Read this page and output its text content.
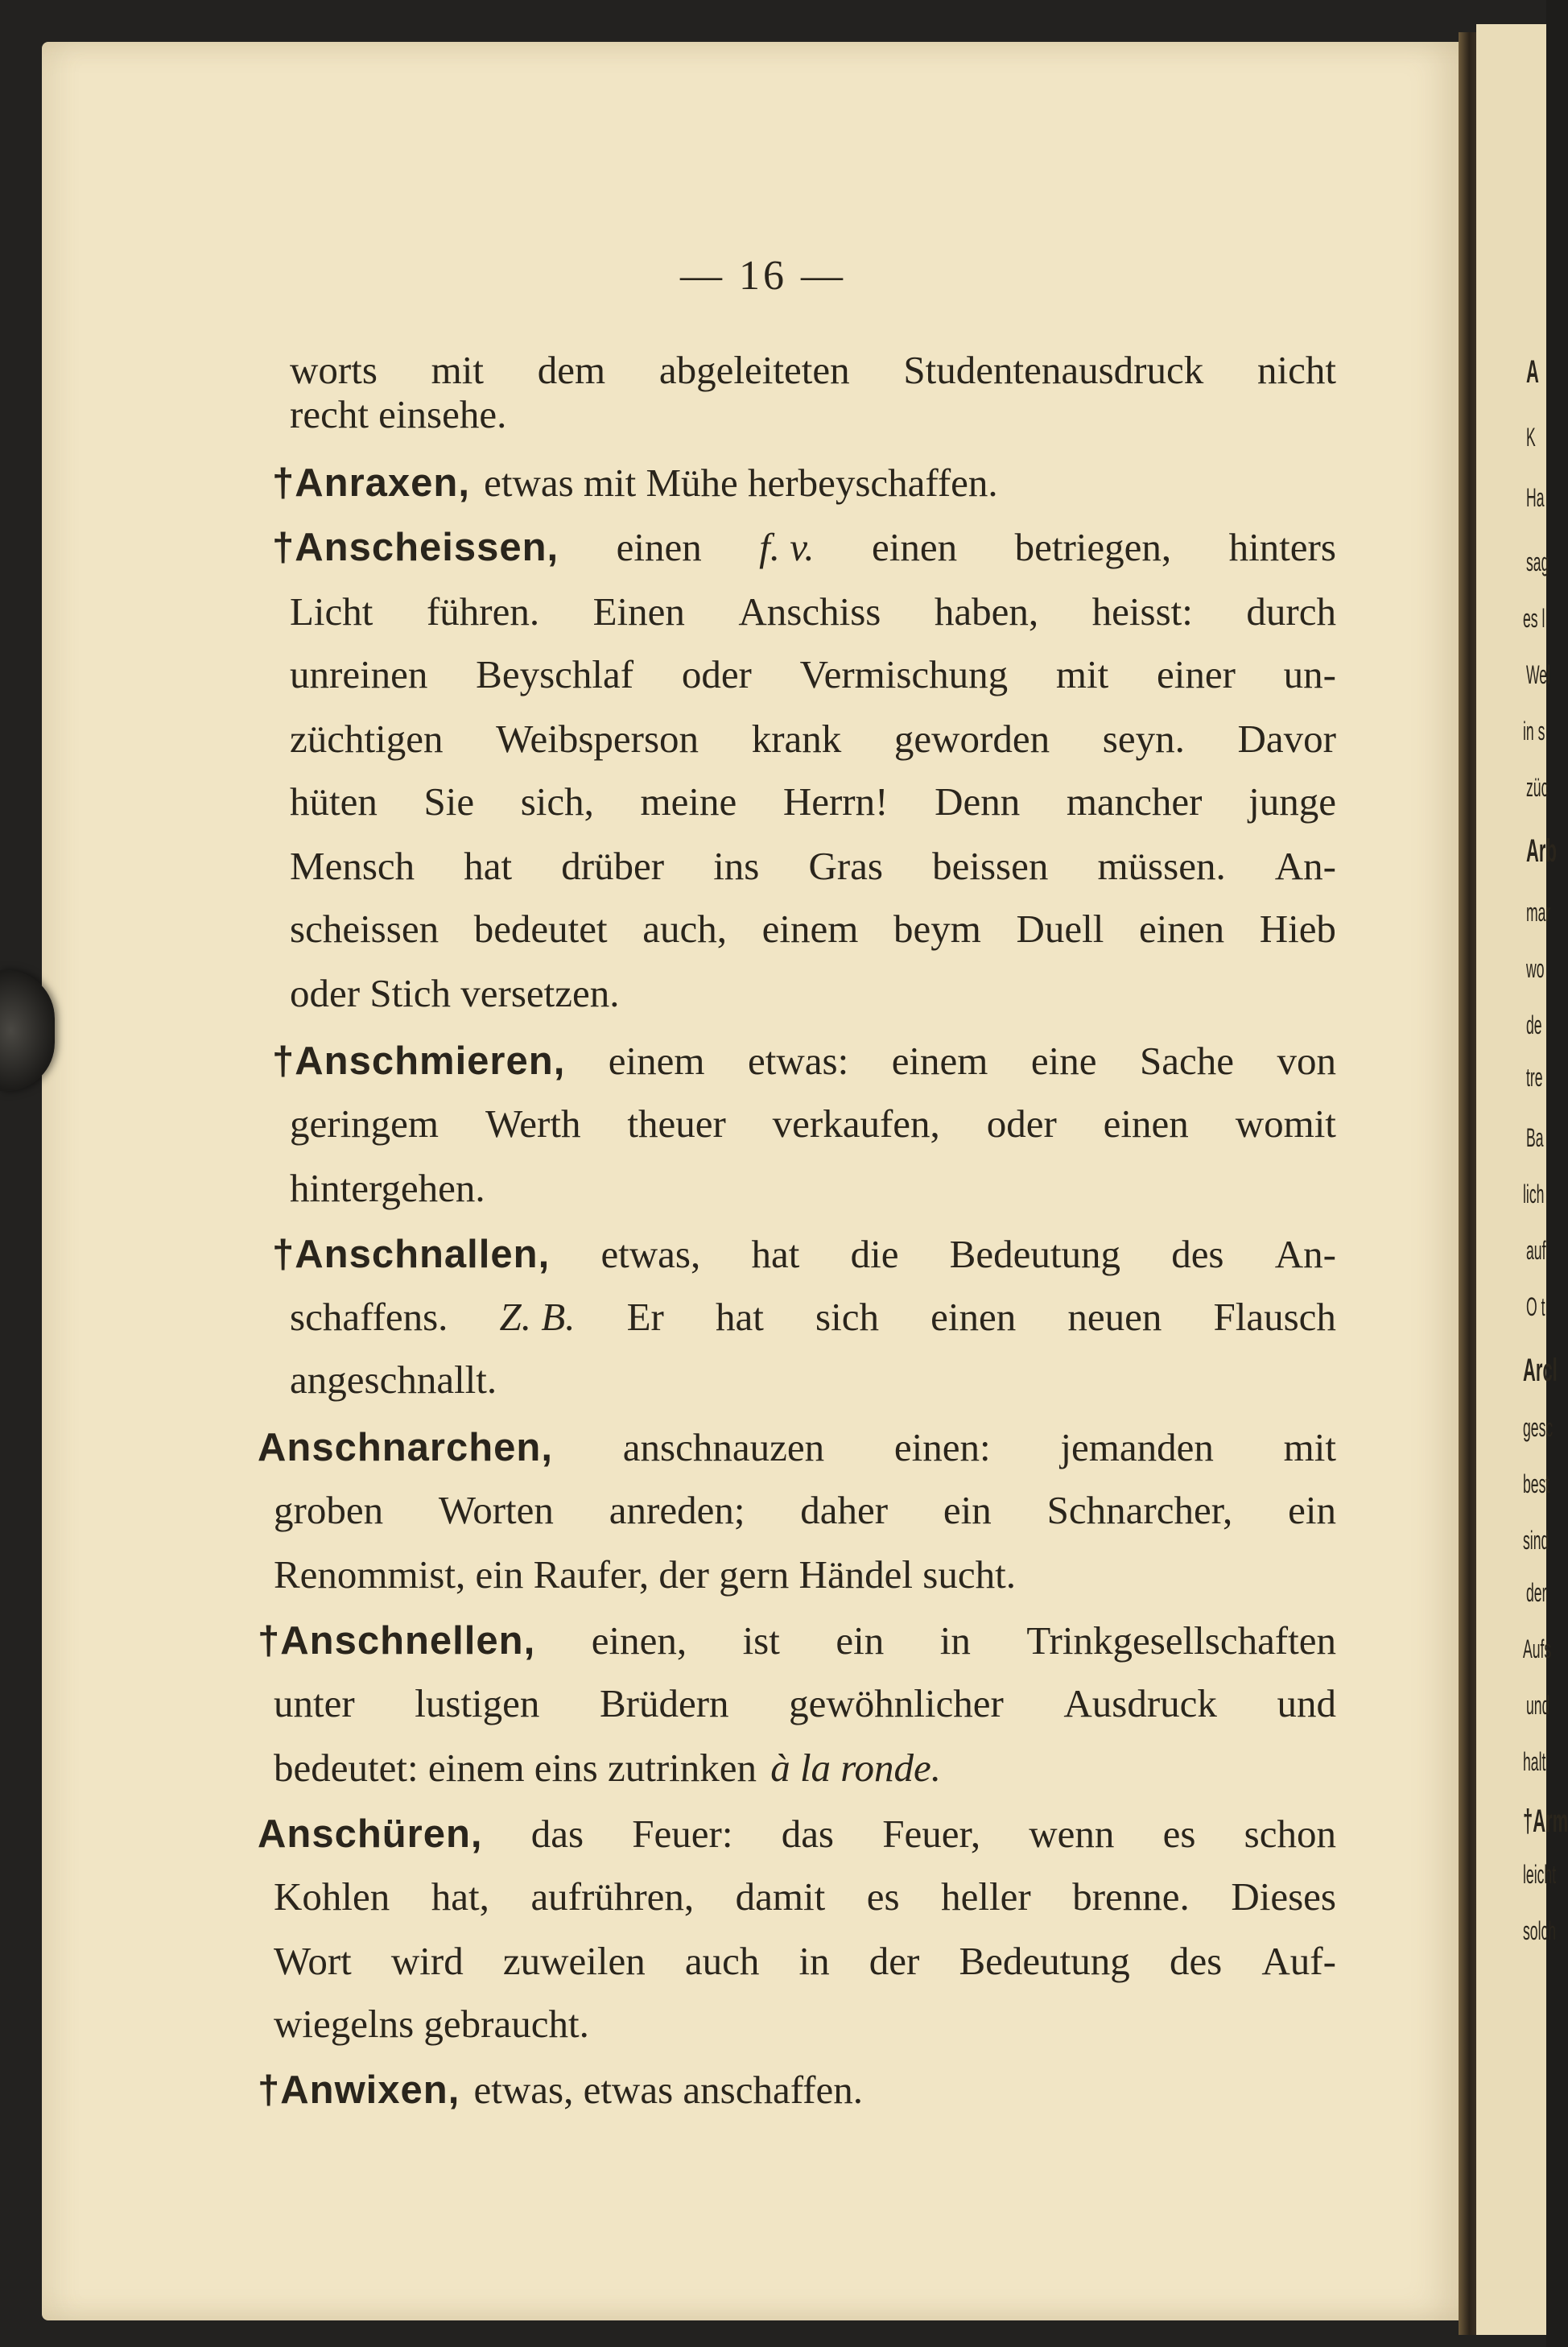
A
K
Ha
sag
es l
Wel
in s
züc
Arb
mar
wo
de
tre
Ba
lich
auf
O t
Arcl
gesc
best
sind
der
Aufs
und
halt
†Arm
leicht
solch
— 16 —
worts mit dem abgeleiteten Studentenausdruck nicht
recht einsehe.
†Anraxen, etwas mit Mühe herbeyschaffen.
†Anscheissen, einen f. v. einen betriegen, hinters
Licht führen. Einen Anschiss haben, heisst: durch
unreinen Beyschlaf oder Vermischung mit einer un-
züchtigen Weibsperson krank geworden seyn. Davor
hüten Sie sich, meine Herrn! Denn mancher junge
Mensch hat drüber ins Gras beissen müssen. An-
scheissen bedeutet auch, einem beym Duell einen Hieb
oder Stich versetzen.
†Anschmieren, einem etwas: einem eine Sache von
geringem Werth theuer verkaufen, oder einen womit
hintergehen.
†Anschnallen, etwas, hat die Bedeutung des An-
schaffens. Z. B. Er hat sich einen neuen Flausch
angeschnallt.
Anschnarchen, anschnauzen einen: jemanden mit
groben Worten anreden; daher ein Schnarcher, ein
Renommist, ein Raufer, der gern Händel sucht.
†Anschnellen, einen, ist ein in Trinkgesellschaften
unter lustigen Brüdern gewöhnlicher Ausdruck und
bedeutet: einem eins zutrinken à la ronde.
Anschüren, das Feuer: das Feuer, wenn es schon
Kohlen hat, aufrühren, damit es heller brenne. Dieses
Wort wird zuweilen auch in der Bedeutung des Auf-
wiegelns gebraucht.
†Anwixen, etwas, etwas anschaffen.
